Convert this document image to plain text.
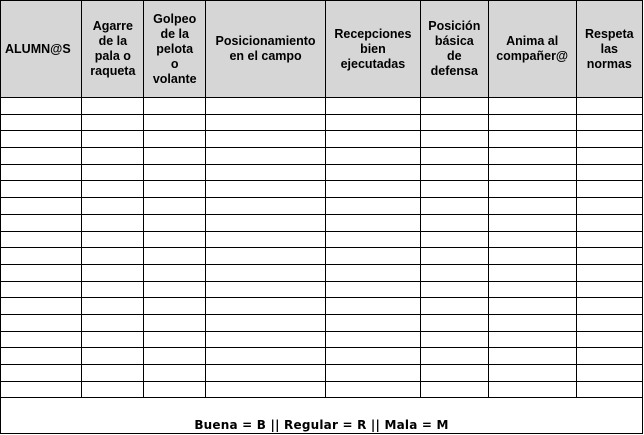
ALUMN@S	Agarre
de la
pala o
raqueta	Golpeo
de la
pelota
o
volante	Posicionamiento
en el campo	Recepciones
bien
ejecutadas	Posición
básica
de
defensa	Anima al
compañer@	Respeta
las
normas

Buena = B || Regular = R || Mala = M
